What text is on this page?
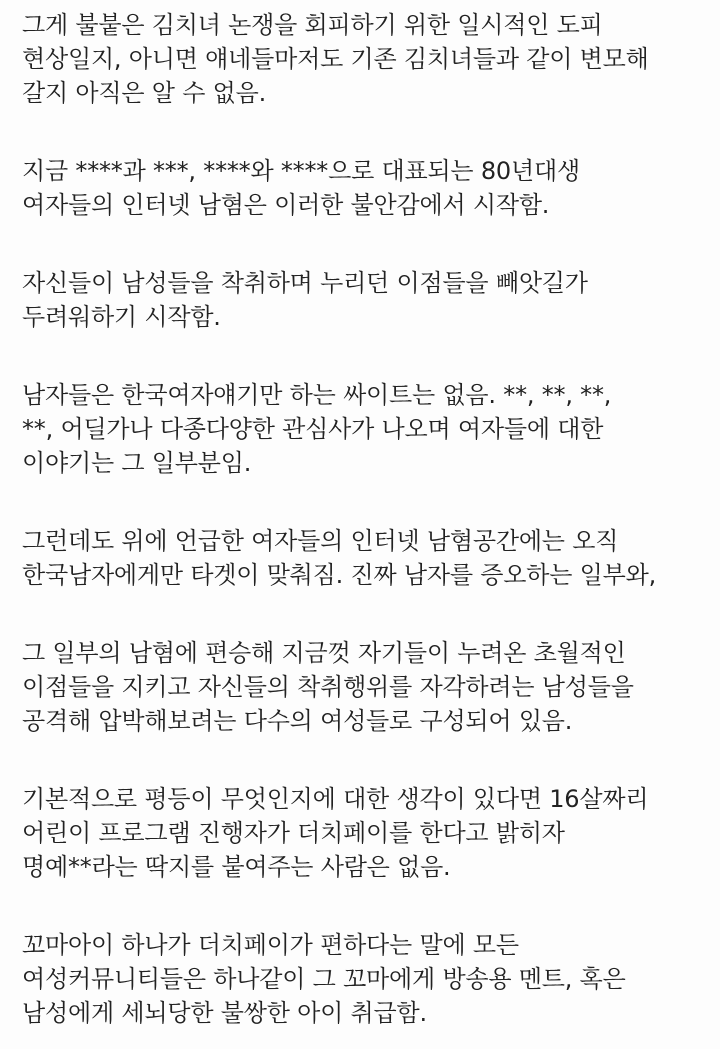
그게 불붙은 김치녀 논쟁을 회피하기 위한 일시적인 도피
현상일지, 아니면 얘네들마저도 기존 김치녀들과 같이 변모해
갈지 아직은 알 수 없음.
지금 ****과 ***, ****와 ****으로 대표되는 80년대생
여자들의 인터넷 남혐은 이러한 불안감에서 시작함.
자신들이 남성들을 착취하며 누리던 이점들을 빼앗길가
두려워하기 시작함.
남자들은 한국여자얘기만 하는 싸이트는 없음. **, **, **,
**, 어딜가나 다종다양한 관심사가 나오며 여자들에 대한
이야기는 그 일부분임.
그런데도 위에 언급한 여자들의 인터넷 남혐공간에는 오직
한국남자에게만 타겟이 맞춰짐. 진짜 남자를 증오하는 일부와,
그 일부의 남혐에 편승해 지금껏 자기들이 누려온 초월적인
이점들을 지키고 자신들의 착취행위를 자각하려는 남성들을
공격해 압박해보려는 다수의 여성들로 구성되어 있음.
기본적으로 평등이 무엇인지에 대한 생각이 있다면 16살짜리
어린이 프로그램 진행자가 더치페이를 한다고 밝히자
명예**라는 딱지를 붙여주는 사람은 없음.
꼬마아이 하나가 더치페이가 편하다는 말에 모든
여성커뮤니티들은 하나같이 그 꼬마에게 방송용 멘트, 혹은
남성에게 세뇌당한 불쌍한 아이 취급함.
